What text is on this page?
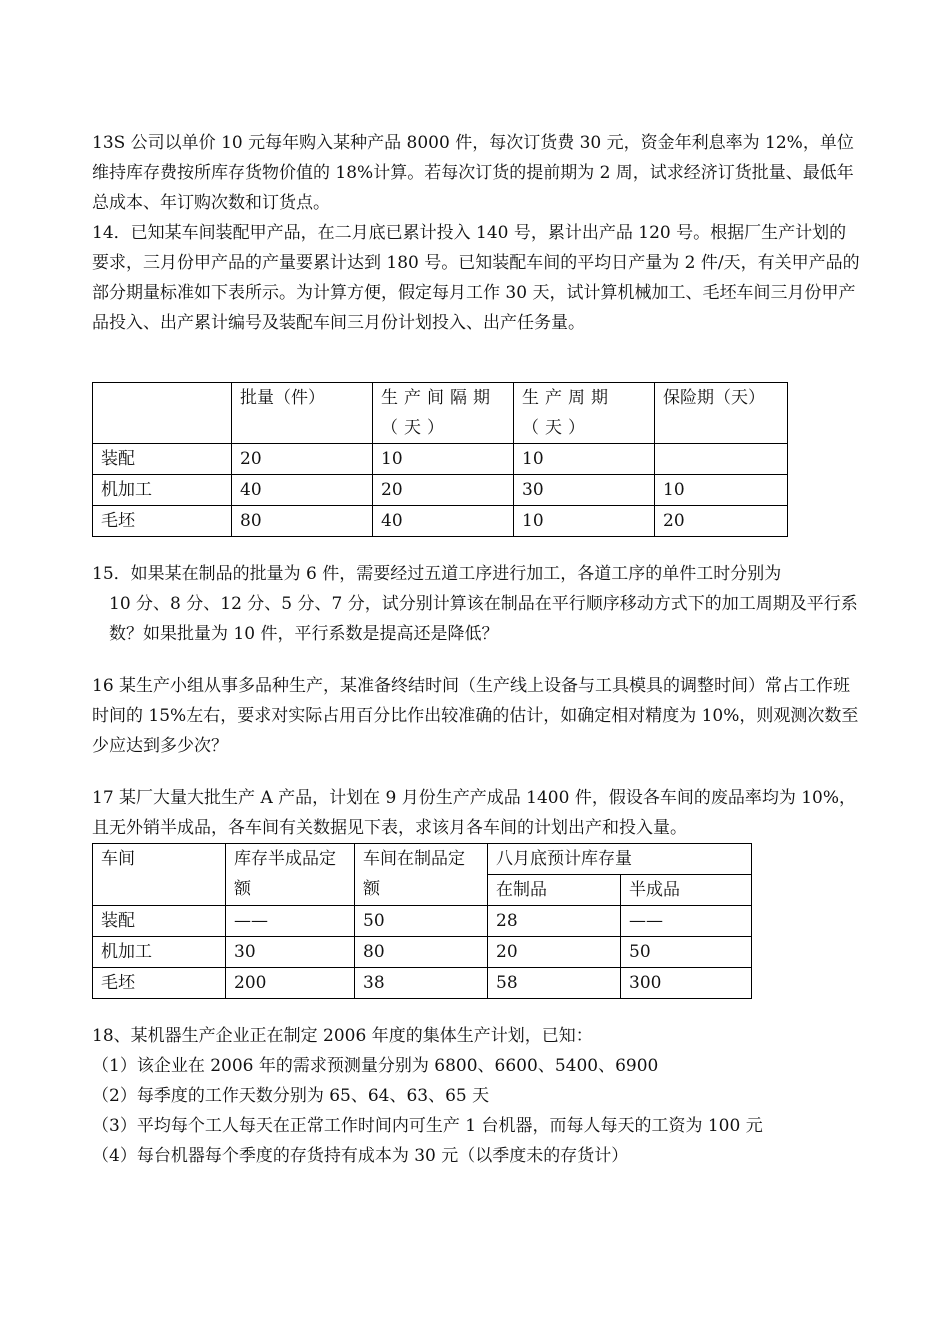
13S 公司以单价 10 元每年购入某种产品 8000 件，每次订货费 30 元，资金年利息率为 12%，单位维持库存费按所库存货物价值的 18%计算。若每次订货的提前期为 2 周，试求经济订货批量、最低年总成本、年订购次数和订货点。

14．已知某车间装配甲产品，在二月底已累计投入 140 号，累计出产品 120 号。根据厂生产计划的要求，三月份甲产品的产量要累计达到 180 号。已知装配车间的平均日产量为 2 件/天，有关甲产品的部分期量标准如下表所示。为计算方便，假定每月工作 30 天，试计算机械加工、毛坯车间三月份甲产品投入、出产累计编号及装配车间三月份计划投入、出产任务量。

	批量（件）	生产间隔期（天）	生产周期（天）	保险期（天）
装配	20	10	10	
机加工	40	20	30	10
毛坯	80	40	10	20

15．如果某在制品的批量为 6 件，需要经过五道工序进行加工，各道工序的单件工时分别为

10 分、8 分、12 分、5 分、7 分，试分别计算该在制品在平行顺序移动方式下的加工周期及平行系数？如果批量为 10 件，平行系数是提高还是降低？

16 某生产小组从事多品种生产，某准备终结时间（生产线上设备与工具模具的调整时间）常占工作班时间的 15%左右，要求对实际占用百分比作出较准确的估计，如确定相对精度为 10%，则观测次数至少应达到多少次？

17 某厂大量大批生产 A 产品，计划在 9 月份生产产成品 1400 件，假设各车间的废品率均为 10%，且无外销半成品，各车间有关数据见下表，求该月各车间的计划出产和投入量。

车间	库存半成品定额	车间在制品定额	八月底预计库存量	
			在制品	半成品
装配	——	50	28	——
机加工	30	80	20	50
毛坯	200	38	58	300

18、某机器生产企业正在制定 2006 年度的集体生产计划，已知：

（1）该企业在 2006 年的需求预测量分别为 6800、6600、5400、6900

（2）每季度的工作天数分别为 65、64、63、65 天

（3）平均每个工人每天在正常工作时间内可生产 1 台机器，而每人每天的工资为 100 元

（4）每台机器每个季度的存货持有成本为 30 元（以季度未的存货计）
